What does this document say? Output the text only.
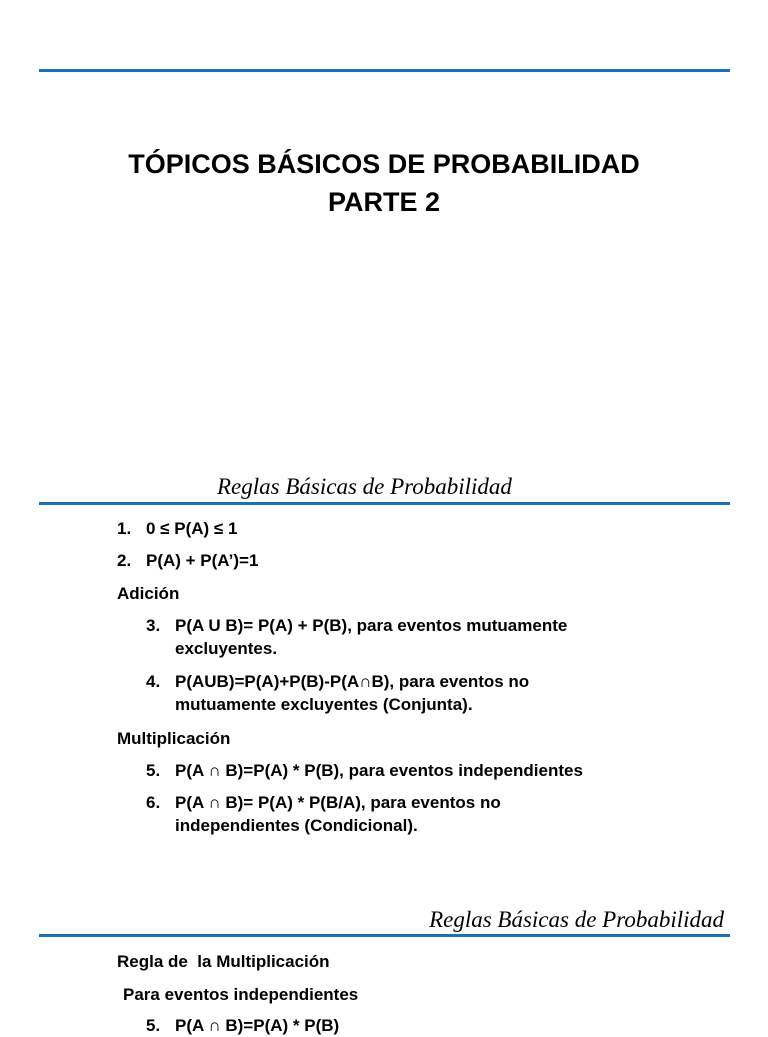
TÓPICOS BÁSICOS DE PROBABILIDAD
PARTE 2
Reglas Básicas de Probabilidad
1. 0 ≤ P(A) ≤ 1
2. P(A) + P(A’)=1
Adición
3. P(A U B)= P(A) + P(B), para eventos mutuamente
excluyentes.
4. P(AUB)=P(A)+P(B)-P(A∩B), para eventos no
mutuamente excluyentes (Conjunta).
Multiplicación
5. P(A ∩ B)=P(A) * P(B), para eventos independientes
6. P(A ∩ B)= P(A) * P(B/A), para eventos no
independientes (Condicional).
Reglas Básicas de Probabilidad
Regla de  la Multiplicación
Para eventos independientes
5. P(A ∩ B)=P(A) * P(B)
